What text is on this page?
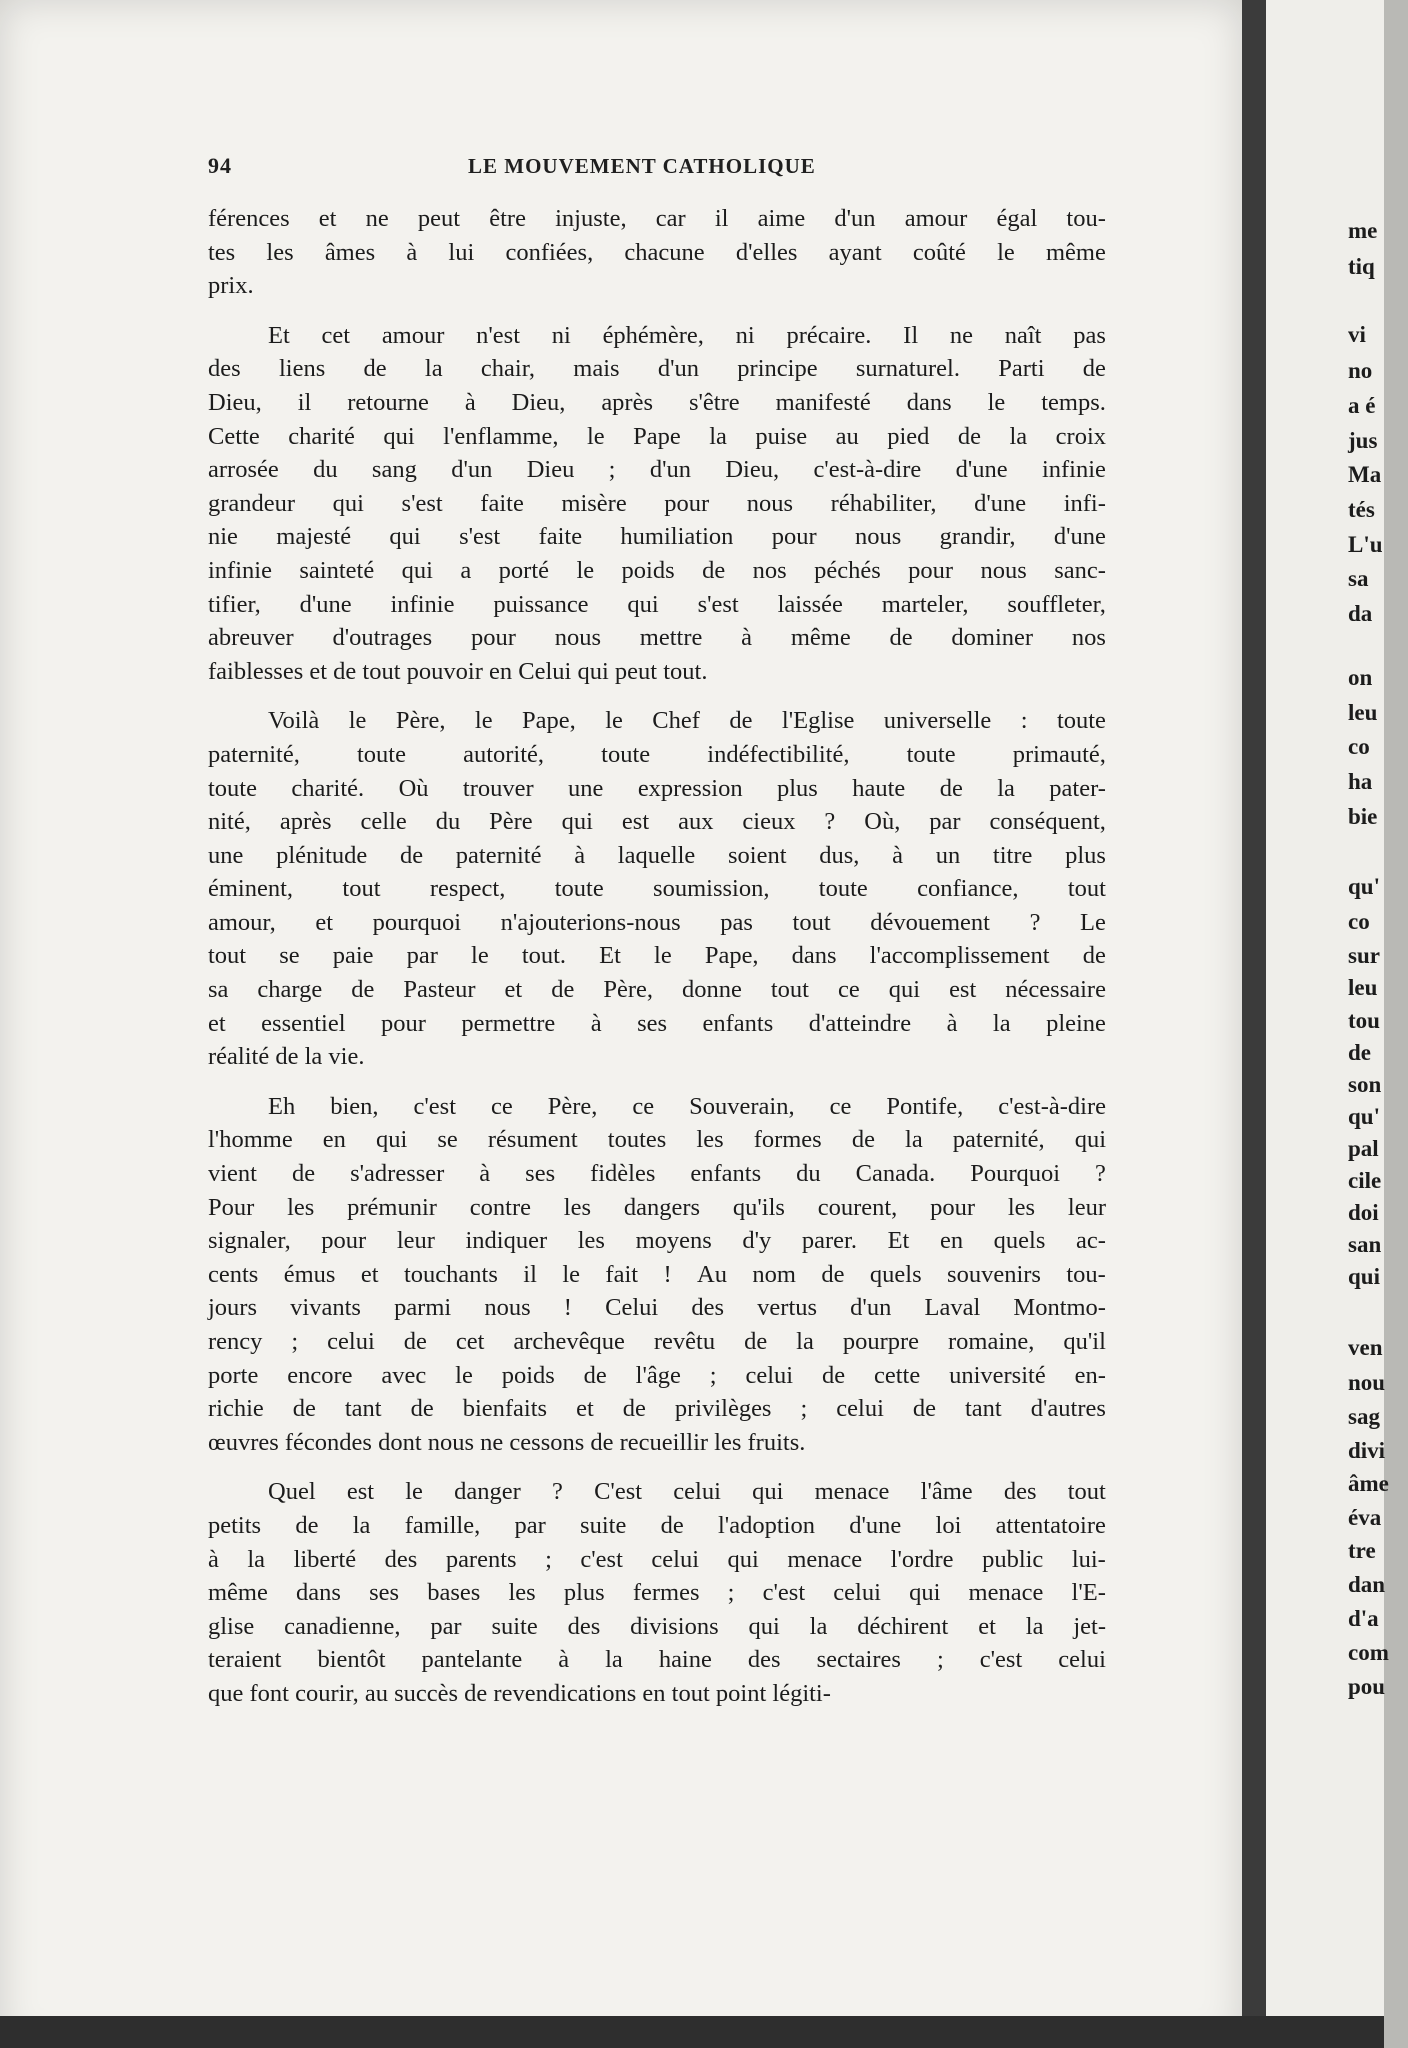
94	LE MOUVEMENT CATHOLIQUE
férences et ne peut être injuste, car il aime d'un amour égal tou-
tes les âmes à lui confiées, chacune d'elles ayant coûté le même
prix.
Et cet amour n'est ni éphémère, ni précaire. Il ne naît pas
des liens de la chair, mais d'un principe surnaturel. Parti de
Dieu, il retourne à Dieu, après s'être manifesté dans le temps.
Cette charité qui l'enflamme, le Pape la puise au pied de la croix
arrosée du sang d'un Dieu ; d'un Dieu, c'est-à-dire d'une infinie
grandeur qui s'est faite misère pour nous réhabiliter, d'une infi-
nie majesté qui s'est faite humiliation pour nous grandir, d'une
infinie sainteté qui a porté le poids de nos péchés pour nous sanc-
tifier, d'une infinie puissance qui s'est laissée marteler, souffleter,
abreuver d'outrages pour nous mettre à même de dominer nos
faiblesses et de tout pouvoir en Celui qui peut tout.
Voilà le Père, le Pape, le Chef de l'Eglise universelle : toute
paternité, toute autorité, toute indéfectibilité, toute primauté,
toute charité. Où trouver une expression plus haute de la pater-
nité, après celle du Père qui est aux cieux ? Où, par conséquent,
une plénitude de paternité à laquelle soient dus, à un titre plus
éminent, tout respect, toute soumission, toute confiance, tout
amour, et pourquoi n'ajouterions-nous pas tout dévouement ? Le
tout se paie par le tout. Et le Pape, dans l'accomplissement de
sa charge de Pasteur et de Père, donne tout ce qui est nécessaire
et essentiel pour permettre à ses enfants d'atteindre à la pleine
réalité de la vie.
Eh bien, c'est ce Père, ce Souverain, ce Pontife, c'est-à-dire
l'homme en qui se résument toutes les formes de la paternité, qui
vient de s'adresser à ses fidèles enfants du Canada. Pourquoi ?
Pour les prémunir contre les dangers qu'ils courent, pour les leur
signaler, pour leur indiquer les moyens d'y parer. Et en quels ac-
cents émus et touchants il le fait ! Au nom de quels souvenirs tou-
jours vivants parmi nous ! Celui des vertus d'un Laval Montmo-
rency ; celui de cet archevêque revêtu de la pourpre romaine, qu'il
porte encore avec le poids de l'âge ; celui de cette université en-
richie de tant de bienfaits et de privilèges ; celui de tant d'autres
œuvres fécondes dont nous ne cessons de recueillir les fruits.
Quel est le danger ? C'est celui qui menace l'âme des tout
petits de la famille, par suite de l'adoption d'une loi attentatoire
à la liberté des parents ; c'est celui qui menace l'ordre public lui-
même dans ses bases les plus fermes ; c'est celui qui menace l'E-
glise canadienne, par suite des divisions qui la déchirent et la jet-
teraient bientôt pantelante à la haine des sectaires ; c'est celui
que font courir, au succès de revendications en tout point légiti-
me
tiq
vi
no
a é
jus
Ma
tés
L'u
sa
da
on
leu
co
ha
bie
qu'
co
sur
leu
tou
de
son
qu'
pal
cile
doi
san
qui
ven
nou
sag
divi
âme
éva
tre
dan
d'a
com
pou
